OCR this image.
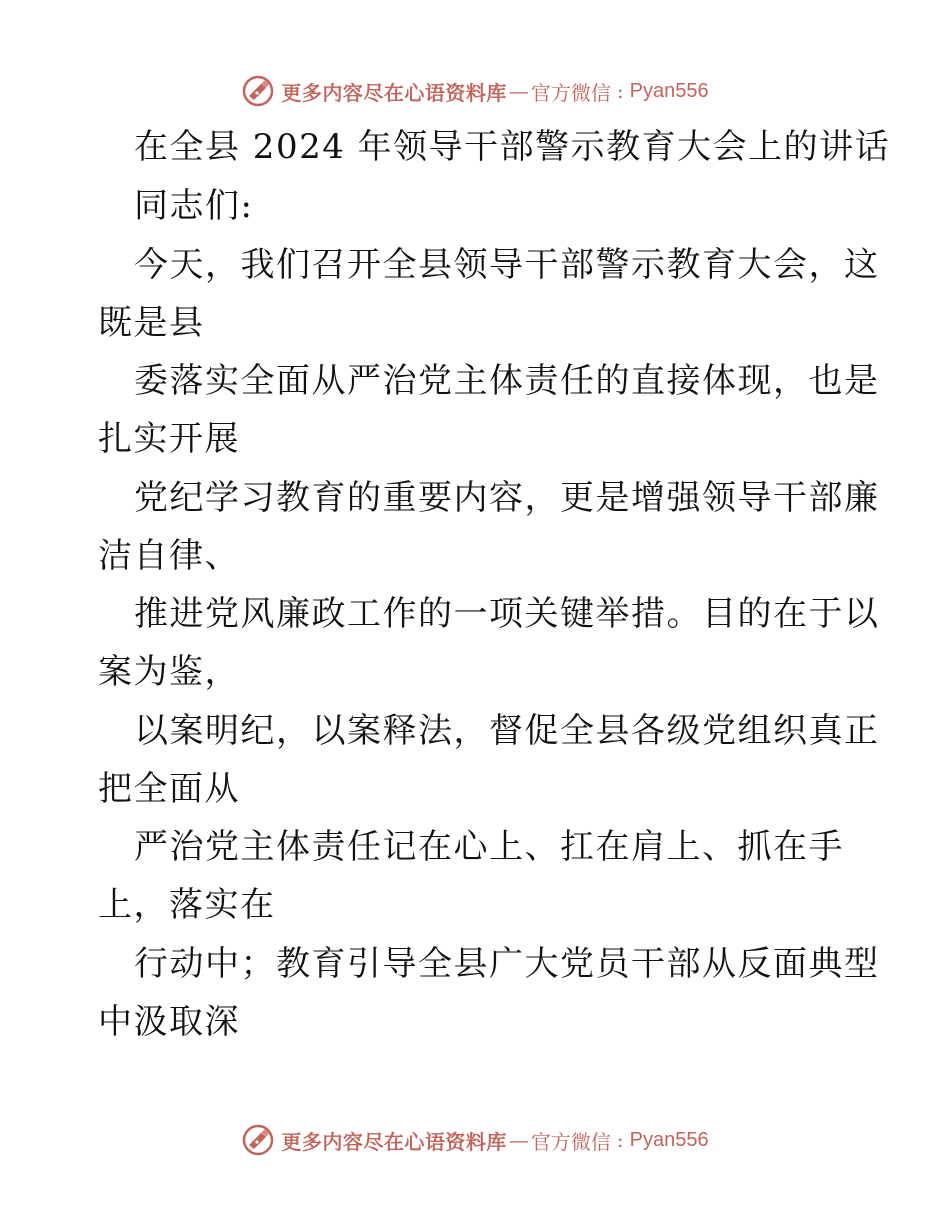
更多内容尽在心语资料库 — 官方微信 : Pyan556
在全县 2024 年领导干部警示教育大会上的讲话
同志们:
今天，我们召开全县领导干部警示教育大会，这
既是县
委落实全面从严治党主体责任的直接体现，也是
扎实开展
党纪学习教育的重要内容，更是增强领导干部廉
洁自律、
推进党风廉政工作的一项关键举措。目的在于以
案为鉴，
以案明纪，以案释法，督促全县各级党组织真正
把全面从
严治党主体责任记在心上、扛在肩上、抓在手
上，落实在
行动中；教育引导全县广大党员干部从反面典型
中汲取深
更多内容尽在心语资料库 — 官方微信 : Pyan556
